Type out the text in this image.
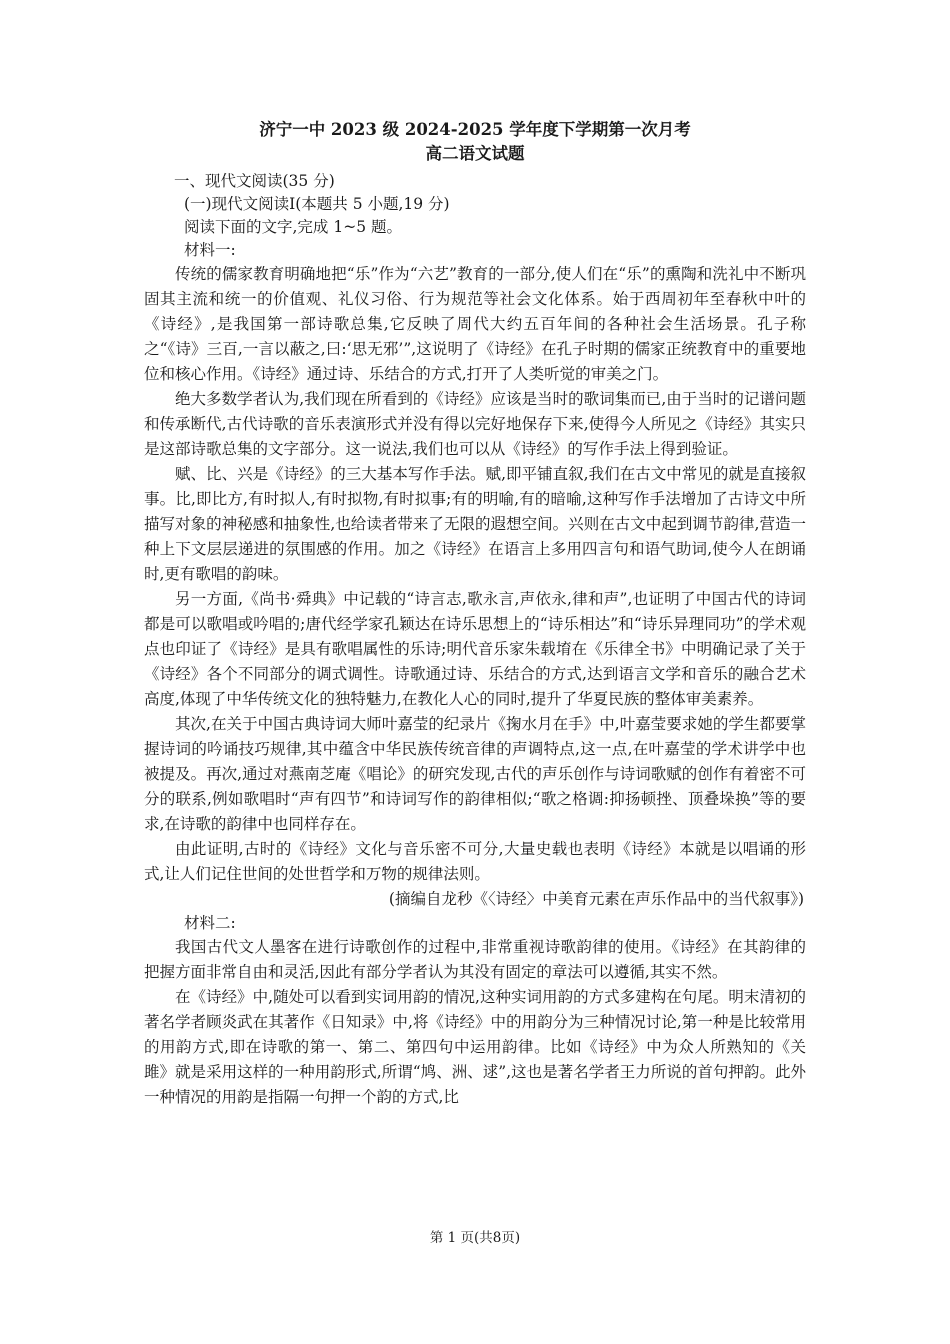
济宁一中 2023 级 2024-2025 学年度下学期第一次月考
高二语文试题

一、现代文阅读(35 分)

(一)现代文阅读Ⅰ(本题共 5 小题,19 分)

阅读下面的文字,完成 1~5 题。

材料一:

传统的儒家教育明确地把“乐”作为“六艺”教育的一部分,使人们在“乐”的熏陶和洗礼中不断巩固其主流和统一的价值观、礼仪习俗、行为规范等社会文化体系。始于西周初年至春秋中叶的《诗经》,是我国第一部诗歌总集,它反映了周代大约五百年间的各种社会生活场景。孔子称之“《诗》三百,一言以蔽之,曰:‘思无邪’”,这说明了《诗经》在孔子时期的儒家正统教育中的重要地位和核心作用。《诗经》通过诗、乐结合的方式,打开了人类听觉的审美之门。

绝大多数学者认为,我们现在所看到的《诗经》应该是当时的歌词集而已,由于当时的记谱问题和传承断代,古代诗歌的音乐表演形式并没有得以完好地保存下来,使得今人所见之《诗经》其实只是这部诗歌总集的文字部分。这一说法,我们也可以从《诗经》的写作手法上得到验证。

赋、比、兴是《诗经》的三大基本写作手法。赋,即平铺直叙,我们在古文中常见的就是直接叙事。比,即比方,有时拟人,有时拟物,有时拟事;有的明喻,有的暗喻,这种写作手法增加了古诗文中所描写对象的神秘感和抽象性,也给读者带来了无限的遐想空间。兴则在古文中起到调节韵律,营造一种上下文层层递进的氛围感的作用。加之《诗经》在语言上多用四言句和语气助词,使今人在朗诵时,更有歌唱的韵味。

另一方面,《尚书·舜典》中记载的“诗言志,歌永言,声依永,律和声”,也证明了中国古代的诗词都是可以歌唱或吟唱的;唐代经学家孔颖达在诗乐思想上的“诗乐相达”和“诗乐异理同功”的学术观点也印证了《诗经》是具有歌唱属性的乐诗;明代音乐家朱载堉在《乐律全书》中明确记录了关于《诗经》各个不同部分的调式调性。诗歌通过诗、乐结合的方式,达到语言文学和音乐的融合艺术高度,体现了中华传统文化的独特魅力,在教化人心的同时,提升了华夏民族的整体审美素养。

其次,在关于中国古典诗词大师叶嘉莹的纪录片《掬水月在手》中,叶嘉莹要求她的学生都要掌握诗词的吟诵技巧规律,其中蕴含中华民族传统音律的声调特点,这一点,在叶嘉莹的学术讲学中也被提及。再次,通过对燕南芝庵《唱论》的研究发现,古代的声乐创作与诗词歌赋的创作有着密不可分的联系,例如歌唱时“声有四节”和诗词写作的韵律相似;“歌之格调:抑扬顿挫、顶叠垛换”等的要求,在诗歌的韵律中也同样存在。

由此证明,古时的《诗经》文化与音乐密不可分,大量史载也表明《诗经》本就是以唱诵的形式,让人们记住世间的处世哲学和万物的规律法则。

(摘编自龙秒《〈诗经〉中美育元素在声乐作品中的当代叙事》)

材料二:

我国古代文人墨客在进行诗歌创作的过程中,非常重视诗歌韵律的使用。《诗经》在其韵律的把握方面非常自由和灵活,因此有部分学者认为其没有固定的章法可以遵循,其实不然。

在《诗经》中,随处可以看到实词用韵的情况,这种实词用韵的方式多建构在句尾。明末清初的著名学者顾炎武在其著作《日知录》中,将《诗经》中的用韵分为三种情况讨论,第一种是比较常用的用韵方式,即在诗歌的第一、第二、第四句中运用韵律。比如《诗经》中为众人所熟知的《关雎》就是采用这样的一种用韵形式,所谓“鸠、洲、逑”,这也是著名学者王力所说的首句押韵。此外一种情况的用韵是指隔一句押一个韵的方式,比

第 1 页(共8页)
